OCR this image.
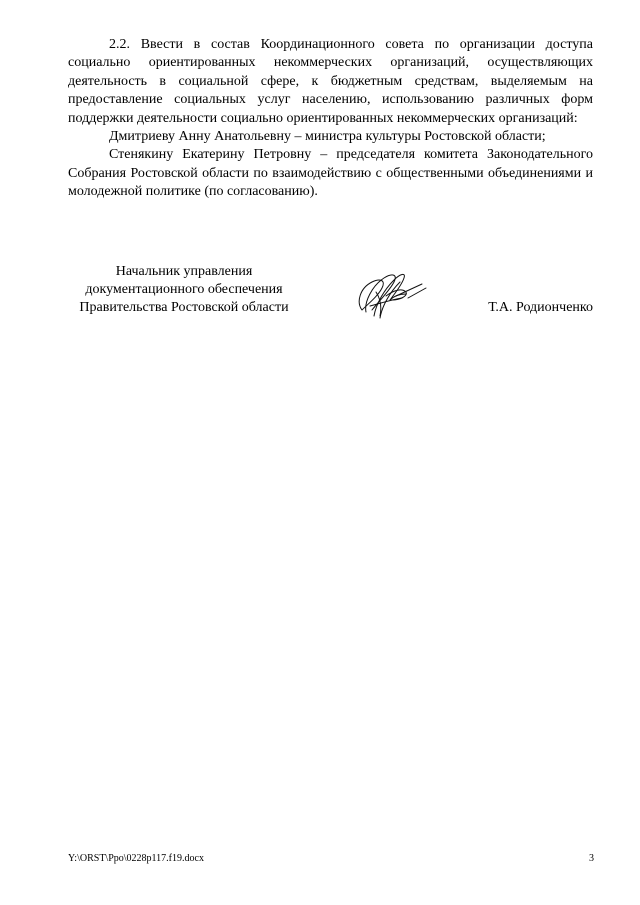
2.2. Ввести в состав Координационного совета по организации доступа социально ориентированных некоммерческих организаций, осуществляющих деятельность в социальной сфере, к бюджетным средствам, выделяемым на предоставление социальных услуг населению, использованию различных форм поддержки деятельности социально ориентированных некоммерческих организаций:

Дмитриеву Анну Анатольевну – министра культуры Ростовской области;

Стенякину Екатерину Петровну – председателя комитета Законодательного Собрания Ростовской области по взаимодействию с общественными объединениями и молодежной политике (по согласованию).

Начальник управления
документационного обеспечения
Правительства Ростовской области	Т.А. Родионченко
Y:\ORST\Ppo\0228p117.f19.docx	3
